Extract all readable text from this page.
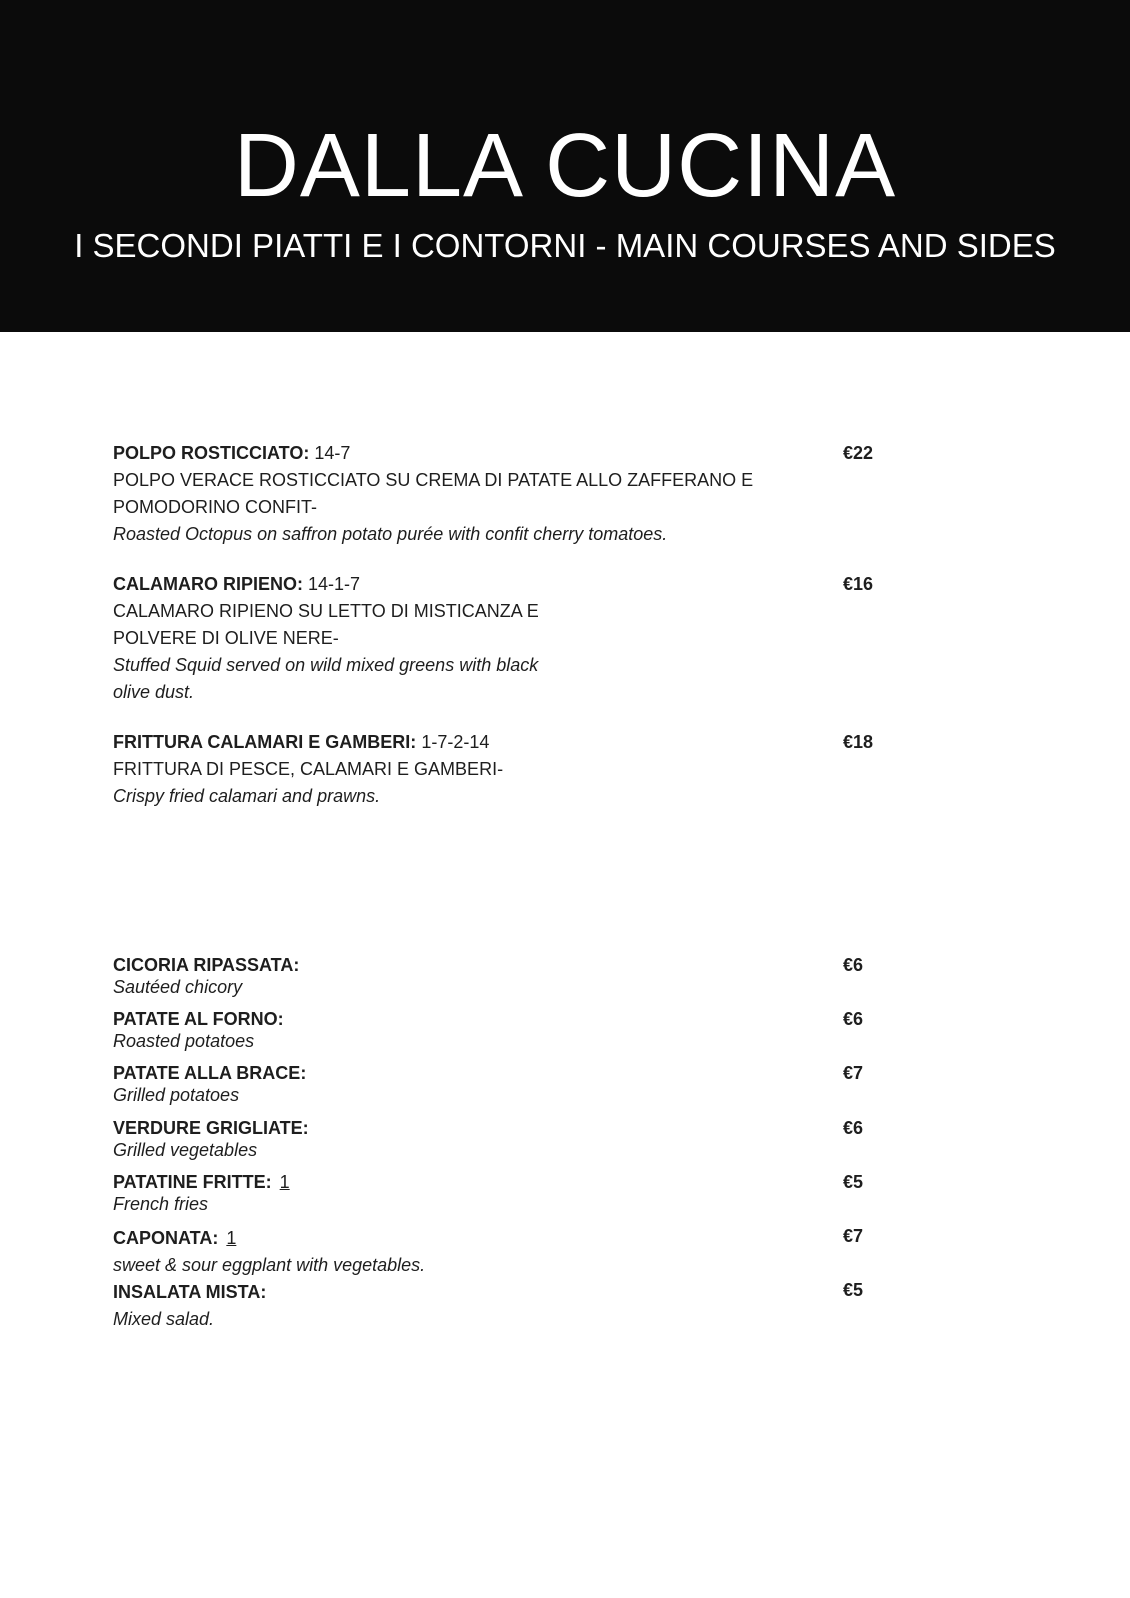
DALLA CUCINA
I SECONDI PIATTI E I CONTORNI - MAIN COURSES AND SIDES
POLPO ROSTICCIATO: 14-7	€22
POLPO VERACE ROSTICCIATO SU CREMA DI PATATE ALLO ZAFFERANO E
POMODORINO CONFIT-
Roasted Octopus on saffron potato purée with confit cherry tomatoes.
CALAMARO RIPIENO: 14-1-7	€16
CALAMARO RIPIENO SU LETTO DI MISTICANZA E
POLVERE DI OLIVE NERE-
Stuffed Squid served on wild mixed greens with black
olive dust.
FRITTURA CALAMARI E GAMBERI: 1-7-2-14	€18
FRITTURA DI PESCE, CALAMARI E GAMBERI-
Crispy fried calamari and prawns.
CICORIA RIPASSATA:	€6
Sautéed chicory
PATATE AL FORNO:	€6
Roasted potatoes
PATATE ALLA BRACE:	€7
Grilled potatoes
VERDURE GRIGLIATE:	€6
Grilled vegetables
PATATINE FRITTE: 1	€5
French fries
CAPONATA: 1	€7
sweet & sour eggplant with vegetables.
INSALATA MISTA:	€5
Mixed salad.
